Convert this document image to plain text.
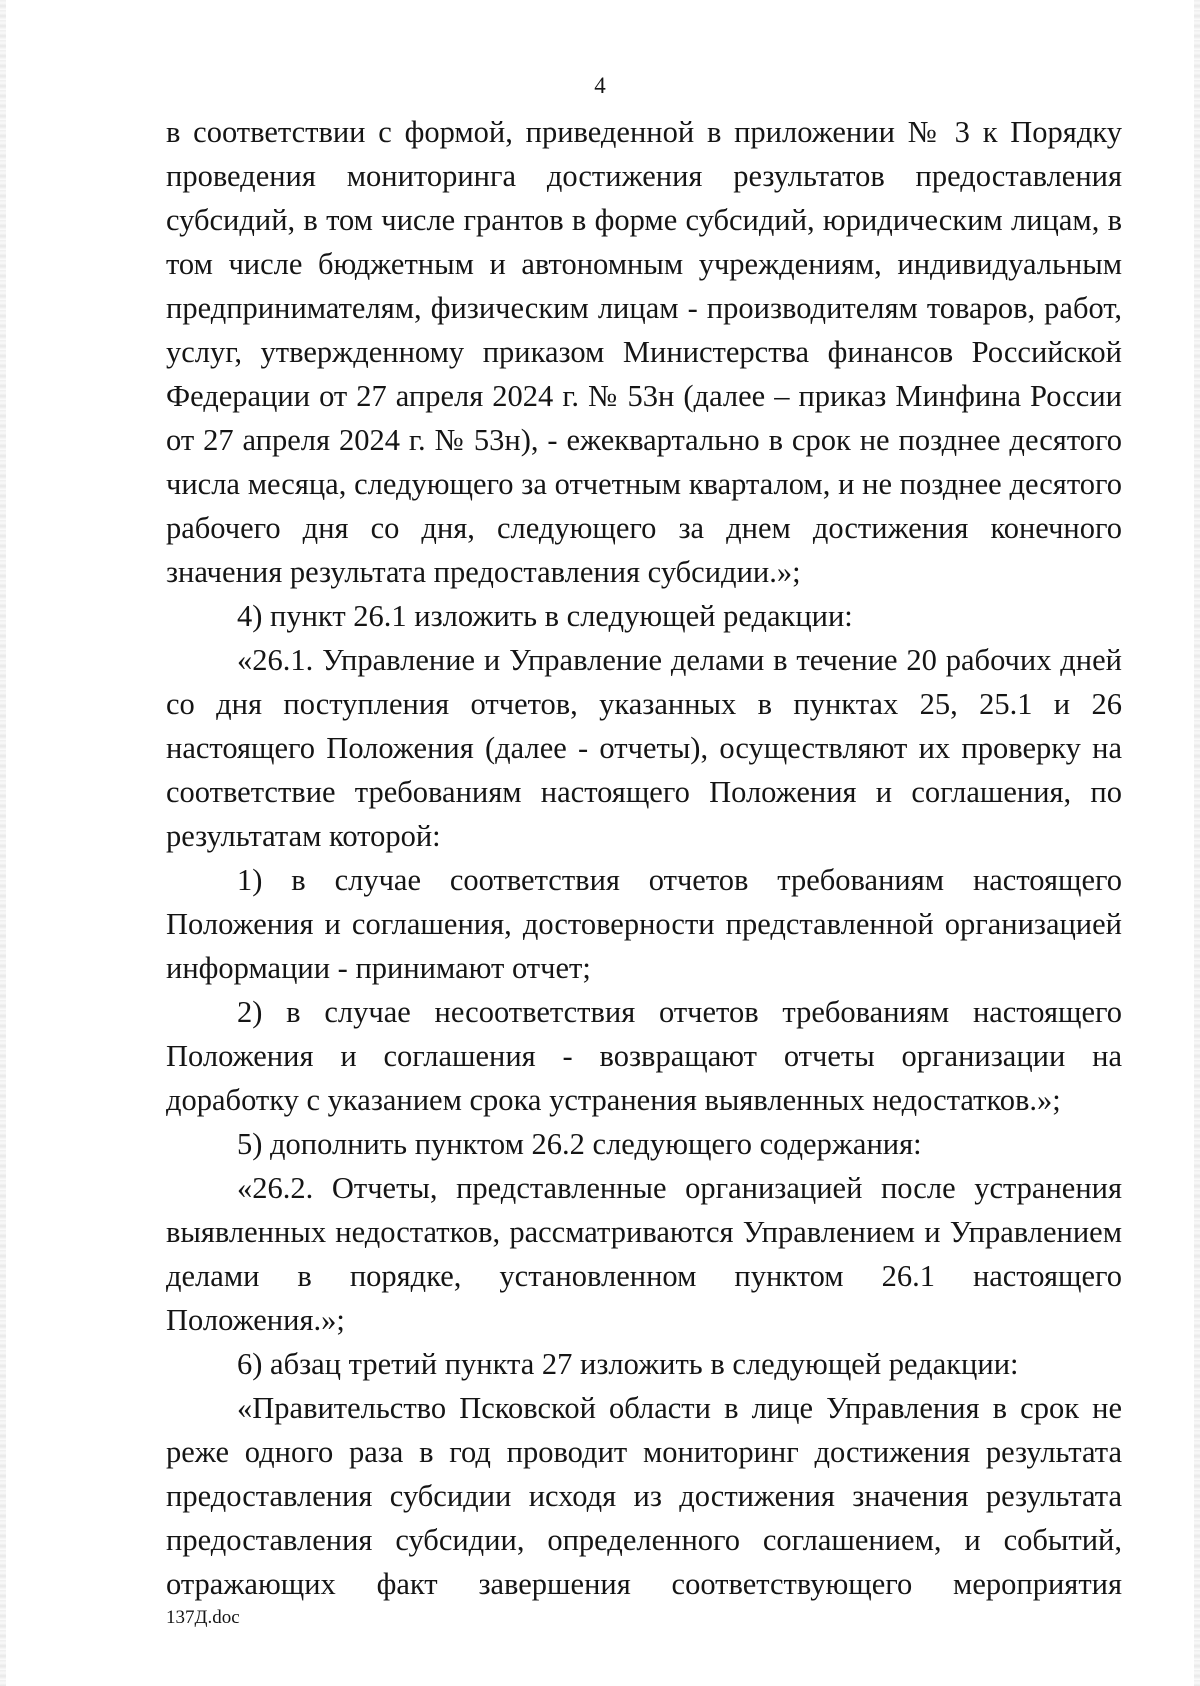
4

в соответствии с формой, приведенной в приложении № 3 к Порядку проведения мониторинга достижения результатов предоставления субсидий, в том числе грантов в форме субсидий, юридическим лицам, в том числе бюджетным и автономным учреждениям, индивидуальным предпринимателям, физическим лицам - производителям товаров, работ, услуг, утвержденному приказом Министерства финансов Российской Федерации от 27 апреля 2024 г. № 53н (далее – приказ Минфина России от 27 апреля 2024 г. № 53н), - ежеквартально в срок не позднее десятого числа месяца, следующего за отчетным кварталом, и не позднее десятого рабочего дня со дня, следующего за днем достижения конечного значения результата предоставления субсидии.»;

4) пункт 26.1 изложить в следующей редакции:

«26.1. Управление и Управление делами в течение 20 рабочих дней со дня поступления отчетов, указанных в пунктах 25, 25.1 и 26 настоящего Положения (далее - отчеты), осуществляют их проверку на соответствие требованиям настоящего Положения и соглашения, по результатам которой:

1) в случае соответствия отчетов требованиям настоящего Положения и соглашения, достоверности представленной организацией информации - принимают отчет;

2) в случае несоответствия отчетов требованиям настоящего Положения и соглашения - возвращают отчеты организации на доработку с указанием срока устранения выявленных недостатков.»;

5) дополнить пунктом 26.2 следующего содержания:

«26.2. Отчеты, представленные организацией после устранения выявленных недостатков, рассматриваются Управлением и Управлением делами в порядке, установленном пунктом 26.1 настоящего Положения.»;

6) абзац третий пункта 27 изложить в следующей редакции:

«Правительство Псковской области в лице Управления в срок не реже одного раза в год проводит мониторинг достижения результата предоставления субсидии исходя из достижения значения результата предоставления субсидии, определенного соглашением, и событий, отражающих факт завершения соответствующего мероприятия

137Д.doc
